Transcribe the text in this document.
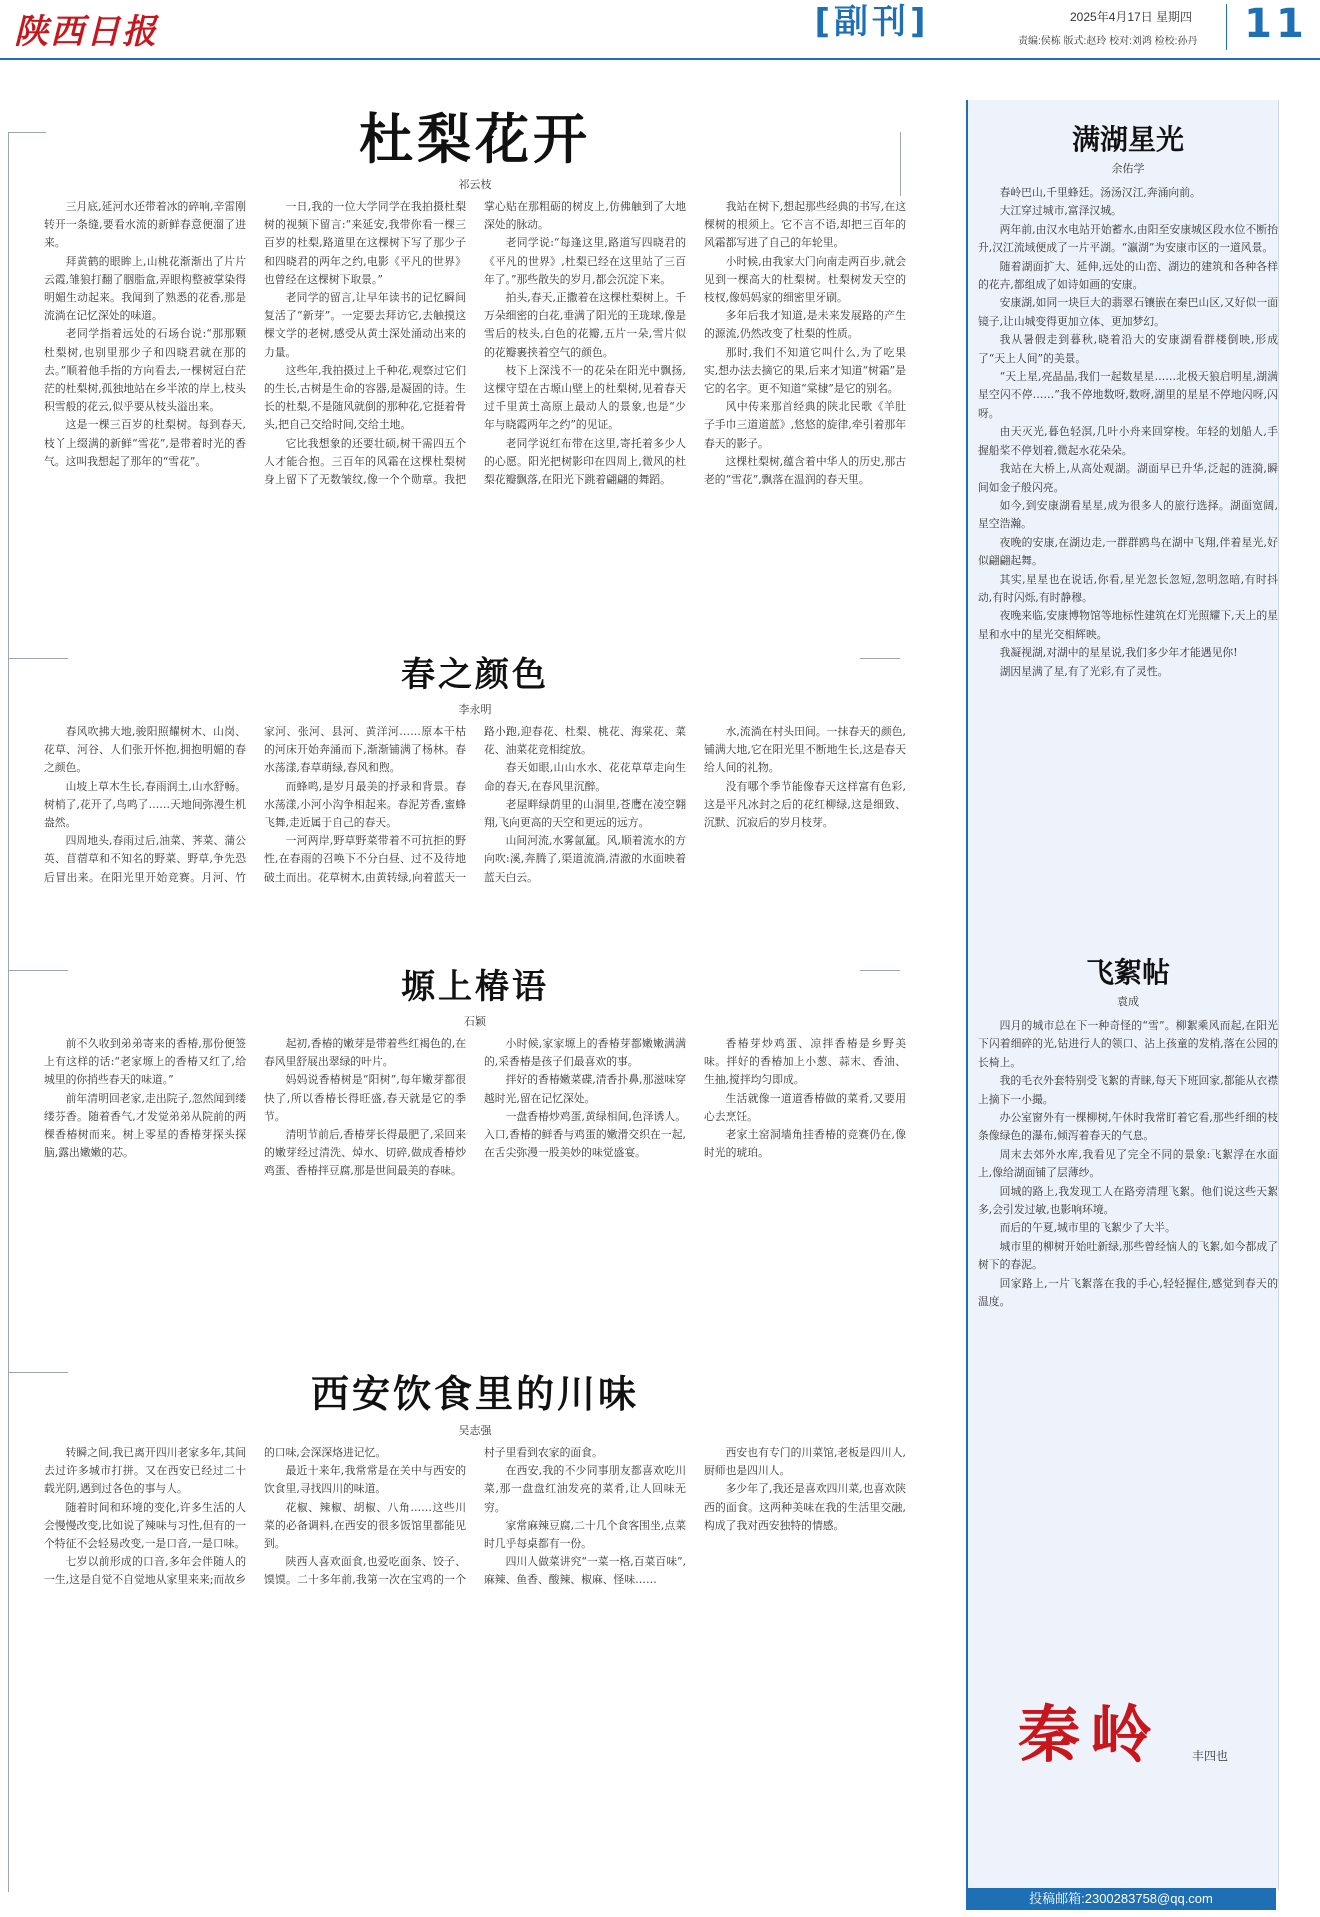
陕西日报	[副刊]	2025年4月17日 星期四
责编:侯栋 版式:赵玲 校对:刘鸿 检校:孙丹 11
杜梨花开
祁云枝

三月底,延河水还带着冰的碎响,辛雷刚转开一条缝,要看水流的新鲜春意便溜了进来。

拜黄鹤的眼眸上,山桃花渐渐出了片片云霞,雏狼打翻了胭脂盒,弄眼构整被掌染得明媚生动起来。我闻到了熟悉的花香,那是流淌在记忆深处的味道。

老同学指着远处的石场台说:“那那颗杜梨树,也别里那少子和四晓君就在那的去。”顺着他手指的方向看去,一棵树冠白茫茫的杜梨树,孤独地站在乡半浓的岸上,枝头积雪般的花云,似乎要从枝头溢出来。

这是一棵三百岁的杜梨树。每到春天,枝丫上缀满的新鲜“雪花”,是带着时光的香气。这叫我想起了那年的“雪花”。

一日,我的一位大学同学在我拍摄杜梨树的视频下留言:“来延安,我带你看一棵三百岁的杜梨,路道里在这棵树下写了那少子和四晓君的两年之约,电影《平凡的世界》也曾经在这棵树下取景。”

老同学的留言,让早年读书的记忆瞬间复活了“新芽”。一定要去拜访它,去触摸这棵文学的老树,感受从黄土深处涌动出来的力量。

这些年,我拍摄过上千种花,观察过它们的生长,古树是生命的容器,是凝固的诗。生长的杜梨,不是随风就倒的那种花,它挺着骨头,把自己交给时间,交给土地。

它比我想象的还要壮硕,树干需四五个人才能合抱。三百年的风霜在这棵杜梨树身上留下了无数皱纹,像一个个勋章。我把掌心贴在那粗砺的树皮上,仿佛触到了大地深处的脉动。

老同学说:“每逢这里,路道写四晓君的《平凡的世界》,杜梨已经在这里站了三百年了。”那些散失的岁月,都会沉淀下来。

拍头,春天,正撒着在这棵杜梨树上。千万朵细密的白花,垂满了阳光的王珑球,像是雪后的枝头,白色的花瓣,五片一朵,雪片似的花瓣裹挟着空气的颜色。

枝下上深浅不一的花朵在阳光中飘扬,这棵守望在古塬山壁上的杜梨树,见着春天过千里黄土高原上最动人的景象,也是“少年与晓霞两年之约”的见证。

老同学说红布带在这里,寄托着多少人的心愿。阳光把树影印在四周上,微风的杜梨花瓣飘落,在阳光下跳着翩翩的舞蹈。

我站在树下,想起那些经典的书写,在这棵树的根须上。它不言不语,却把三百年的风霜都写进了自己的年轮里。

小时候,由我家大门向南走两百步,就会见到一棵高大的杜梨树。杜梨树发天空的枝杈,像妈妈家的细密里牙刷。

多年后我才知道,是未来发展路的产生的源流,仍然改变了杜梨的性质。

那时,我们不知道它叫什么,为了吃果实,想办法去摘它的果,后来才知道“树霜”是它的名字。更不知道“棠棣”是它的别名。

风中传来那首经典的陕北民歌《羊肚子手巾三道道蓝》,悠悠的旋律,牵引着那年春天的影子。

这棵杜梨树,蕴含着中华人的历史,那古老的“雪花”,飘落在温润的春天里。

春之颜色
李永明

春风吹拂大地,骏阳照耀树木、山岗、花草、河谷、人们张开怀抱,拥抱明媚的春之颜色。

山坡上草木生长,春雨润土,山水舒畅。树梢了,花开了,鸟鸣了……天地间弥漫生机盎然。

四周地头,春雨过后,油菜、荠菜、蒲公英、苜蓿草和不知名的野菜、野草,争先恐后冒出来。在阳光里开始竞赛。月河、竹家河、张河、县河、黄洋河……原本干枯的河床开始奔涌而下,渐渐铺满了杨林。春水荡漾,春草萌绿,春风和煦。

而蜂鸣,是岁月最美的抒录和背景。春水荡漾,小河小沟争相起来。春泥芳香,蜜蜂飞舞,走近属于自己的春天。

一河两岸,野草野菜带着不可抗拒的野性,在春雨的召唤下不分白昼、过不及待地破土而出。花草树木,由黄转绿,向着蓝天一路小跑,迎春花、杜梨、桃花、海棠花、菜花、油菜花竞相绽放。

春天如眼,山山水水、花花草草走向生命的春天,在春风里沉醉。

老屋畔绿荫里的山洞里,苍鹰在凌空翱翔,飞向更高的天空和更远的远方。

山间河流,水雾氤氲。风,顺着流水的方向吹:溪,奔腾了,渠道流淌,清澈的水面映着蓝天白云。

水,流淌在村头田间。一抹春天的颜色,铺满大地,它在阳光里不断地生长,这是春天给人间的礼物。

没有哪个季节能像春天这样富有色彩,这是平凡冰封之后的花红柳绿,这是细致、沉默、沉寂后的岁月枝芽。

塬上椿语
石颖

前不久收到弟弟寄来的香椿,那份便签上有这样的话:“老家塬上的香椿又红了,给城里的你捎些春天的味道。”

前年清明回老家,走出院子,忽然闻到缕缕芬香。随着香气,才发觉弟弟从院前的两棵香椿树而来。树上零星的香椿芽探头探脑,露出嫩嫩的芯。

起初,香椿的嫩芽是带着些红褐色的,在春风里舒展出翠绿的叶片。

妈妈说香椿树是“阳树”,每年嫩芽都很快了,所以香椿长得旺盛,春天就是它的季节。

清明节前后,香椿芽长得最肥了,采回来的嫩芽经过清洗、焯水、切碎,做成香椿炒鸡蛋、香椿拌豆腐,那是世间最美的春味。

小时候,家家塬上的香椿芽都嫩嫩满满的,采香椿是孩子们最喜欢的事。

拌好的香椿嫩菜碟,清香扑鼻,那滋味穿越时光,留在记忆深处。

一盘香椿炒鸡蛋,黄绿相间,色泽诱人。入口,香椿的鲜香与鸡蛋的嫩滑交织在一起,在舌尖弥漫一股美妙的味觉盛宴。

香椿芽炒鸡蛋、凉拌香椿是乡野美味。拌好的香椿加上小葱、蒜末、香油、生抽,搅拌均匀即成。

生活就像一道道香椿做的菜肴,又要用心去烹饪。

老家土窑洞墙角挂香椿的竞赛仍在,像时光的琥珀。

西安饮食里的川味
吴志强

转瞬之间,我已离开四川老家多年,其间去过许多城市打拼。又在西安已经过二十载光阴,遇到过各色的事与人。

随着时间和环境的变化,许多生活的人会慢慢改变,比如说了辣味与习性,但有的一个特征不会轻易改变,一是口音,一是口味。

七岁以前形成的口音,多年会伴随人的一生,这是自觉不自觉地从家里来来;而故乡的口味,会深深烙进记忆。

最近十来年,我常常是在关中与西安的饮食里,寻找四川的味道。

花椒、辣椒、胡椒、八角……这些川菜的必备调料,在西安的很多饭馆里都能见到。

陕西人喜欢面食,也爱吃面条、饺子、馍馍。二十多年前,我第一次在宝鸡的一个村子里看到农家的面食。

在西安,我的不少同事朋友都喜欢吃川菜,那一盘盘红油发亮的菜肴,让人回味无穷。

家常麻辣豆腐,二十几个食客围坐,点菜时几乎每桌都有一份。

四川人做菜讲究“一菜一格,百菜百味”,麻辣、鱼香、酸辣、椒麻、怪味……

西安也有专门的川菜馆,老板是四川人,厨师也是四川人。

多少年了,我还是喜欢四川菜,也喜欢陕西的面食。这两种美味在我的生活里交融,构成了我对西安独特的情感。

满湖星光
余佑学

春岭巴山,千里蜂廷。汤汤汉江,奔涌向前。

大江穿过城市,富泽汉城。

两年前,由汉水电站开始蓄水,由阳至安康城区段水位不断抬升,汉江流域便成了一片平湖。“瀛湖”为安康市区的一道风景。

随着湖面扩大、延伸,远处的山峦、湖边的建筑和各种各样的花卉,都组成了如诗如画的安康。

安康湖,如同一块巨大的翡翠石镶嵌在秦巴山区,又好似一面镜子,让山城变得更加立体、更加梦幻。

我从暑假走到暮秋,晓着沿大的安康湖看群楼倒映,形成了“天上人间”的美景。

“天上星,亮晶晶,我们一起数星星……北极天狼启明星,湖满星空闪不停……”我不停地数呀,数呀,湖里的星星不停地闪呀,闪呀。

由天灭光,暮色轻溟,几叶小舟来回穿梭。年轻的划船人,手握船桨不停划着,微起水花朵朵。

我站在大桥上,从高处观湖。湖面早已升华,泛起的涟漪,瞬间如金子般闪亮。

如今,到安康湖看星星,成为很多人的旅行选择。湖面宽阔,星空浩瀚。

夜晚的安康,在湖边走,一群群鸥鸟在湖中飞翔,伴着星光,好似翩翩起舞。

其实,星星也在说话,你看,星光忽长忽短,忽明忽暗,有时抖动,有时闪烁,有时静穆。

夜晚来临,安康博物馆等地标性建筑在灯光照耀下,天上的星星和水中的星光交相辉映。

我凝视湖,对湖中的星星说,我们多少年才能遇见你!

湖因星满了星,有了光彩,有了灵性。

飞絮帖
袁成

四月的城市总在下一种奇怪的“雪”。柳絮乘风而起,在阳光下闪着细碎的光,钻进行人的领口、沾上孩童的发梢,落在公园的长椅上。

我的毛衣外套特别受飞絮的青睐,每天下班回家,都能从衣襟上摘下一小撮。

办公室窗外有一棵柳树,午休时我常盯着它看,那些纤细的枝条像绿色的瀑布,倾泻着春天的气息。

周末去郊外水库,我看见了完全不同的景象:飞絮浮在水面上,像给湖面铺了层薄纱。

回城的路上,我发现工人在路旁清理飞絮。他们说这些天絮多,会引发过敏,也影响环境。

而后的午夏,城市里的飞絮少了大半。

城市里的柳树开始吐新绿,那些曾经恼人的飞絮,如今都成了树下的春泥。

回家路上,一片飞絮落在我的手心,轻轻握住,感觉到春天的温度。

秦岭 丰四也
投稿邮箱:2300283758@qq.com
